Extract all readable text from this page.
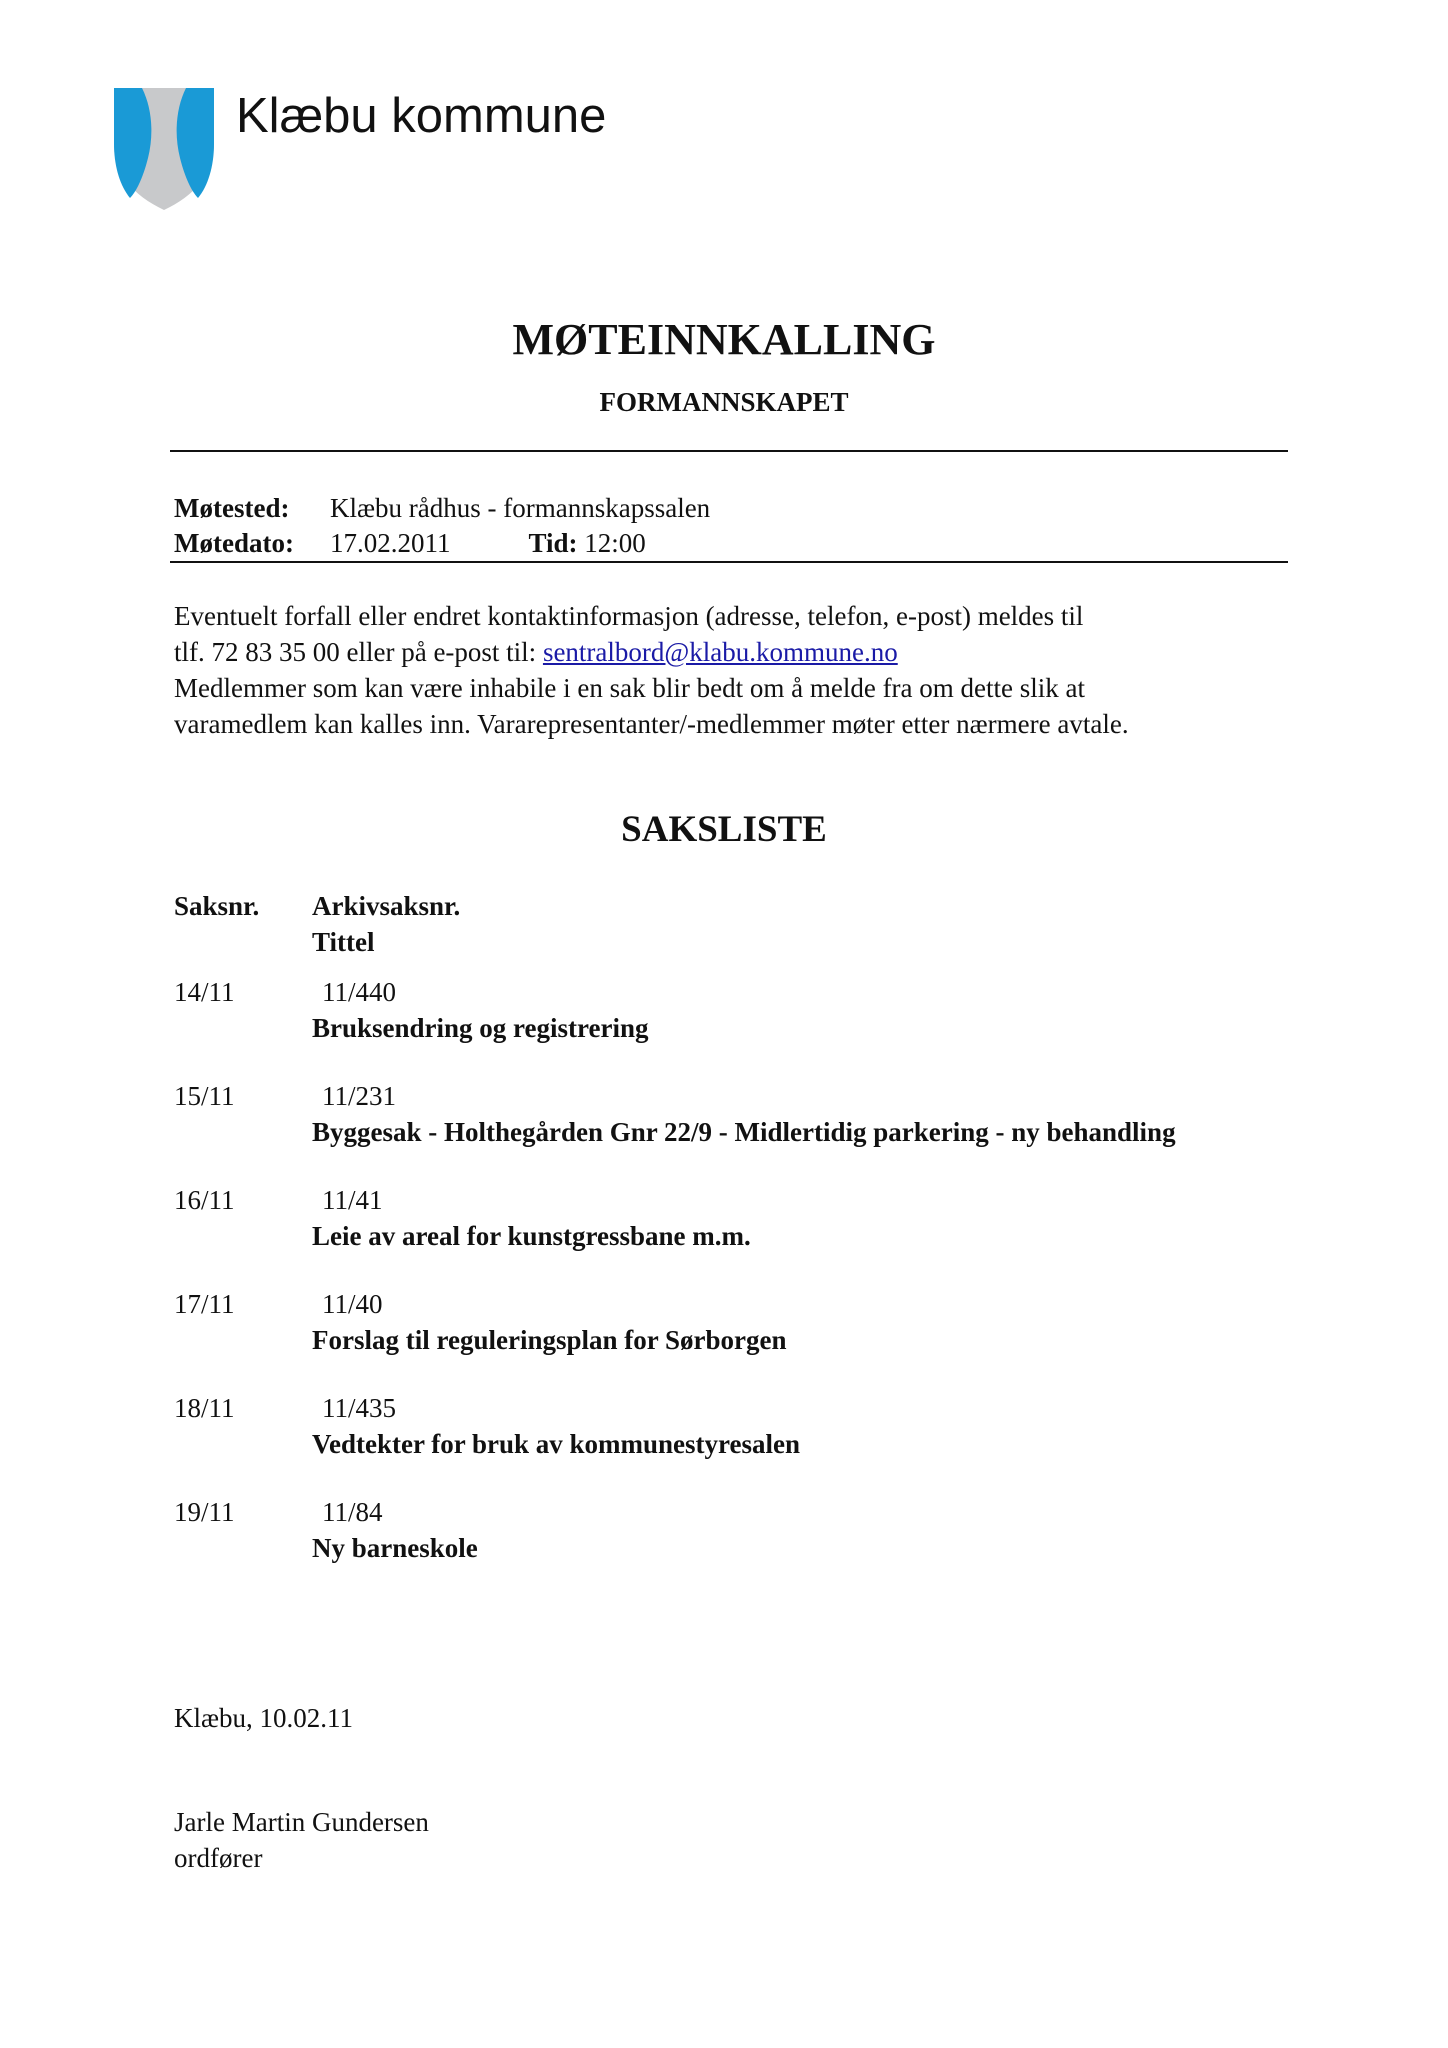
Klæbu kommune
MØTEINNKALLING
FORMANNSKAPET
Møtested: Klæbu rådhus - formannskapssalen
Møtedato: 17.02.2011	Tid: 12:00

Eventuelt forfall eller endret kontaktinformasjon (adresse, telefon, e-post) meldes til

tlf. 72 83 35 00 eller på e-post til: sentralbord@klabu.kommune.no

Medlemmer som kan være inhabile i en sak blir bedt om å melde fra om dette slik at

varamedlem kan kalles inn. Vararepresentanter/-medlemmer møter etter nærmere avtale.

SAKSLISTE
Saksnr. Arkivsaksnr.
Tittel
14/11	11/440
Bruksendring og registrering
15/11	11/231
Byggesak - Holthegården Gnr 22/9 - Midlertidig parkering - ny behandling
16/11	11/41
Leie av areal for kunstgressbane m.m.
17/11	11/40
Forslag til reguleringsplan for Sørborgen
18/11	11/435
Vedtekter for bruk av kommunestyresalen
19/11	11/84
Ny barneskole
Klæbu, 10.02.11
Jarle Martin Gundersen
ordfører
